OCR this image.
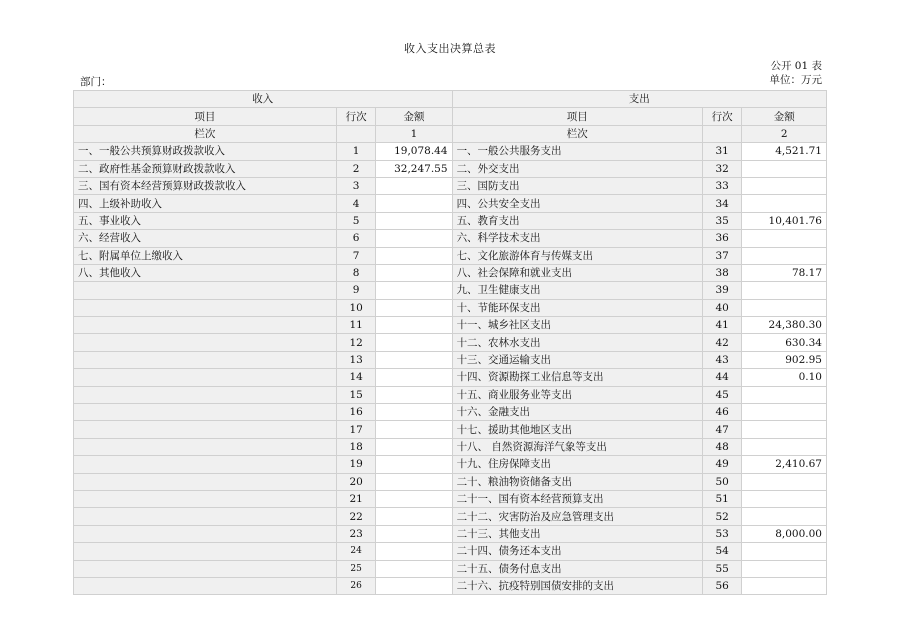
收入支出决算总表
公开 01 表
单位：万元
部门：
收入			支出		
项目	行次	金额	项目	行次	金额
栏次		1	栏次		2
一、一般公共预算财政拨款收入	1	19,078.44	一、一般公共服务支出	31	4,521.71
二、政府性基金预算财政拨款收入	2	32,247.55	二、外交支出	32	
三、国有资本经营预算财政拨款收入	3		三、国防支出	33	
四、上级补助收入	4		四、公共安全支出	34	
五、事业收入	5		五、教育支出	35	10,401.76
六、经营收入	6		六、科学技术支出	36	
七、附属单位上缴收入	7		七、文化旅游体育与传媒支出	37	
八、其他收入	8		八、社会保障和就业支出	38	78.17
	9		九、卫生健康支出	39	
	10		十、节能环保支出	40	
	11		十一、城乡社区支出	41	24,380.30
	12		十二、农林水支出	42	630.34
	13		十三、交通运输支出	43	902.95
	14		十四、资源勘探工业信息等支出	44	0.10
	15		十五、商业服务业等支出	45	
	16		十六、金融支出	46	
	17		十七、援助其他地区支出	47	
	18		十八、 自然资源海洋气象等支出	48	
	19		十九、住房保障支出	49	2,410.67
	20		二十、粮油物资储备支出	50	
	21		二十一、国有资本经营预算支出	51	
	22		二十二、灾害防治及应急管理支出	52	
	23		二十三、其他支出	53	8,000.00
	24		二十四、债务还本支出	54	
	25		二十五、债务付息支出	55	
	26		二十六、抗疫特别国债安排的支出	56	
